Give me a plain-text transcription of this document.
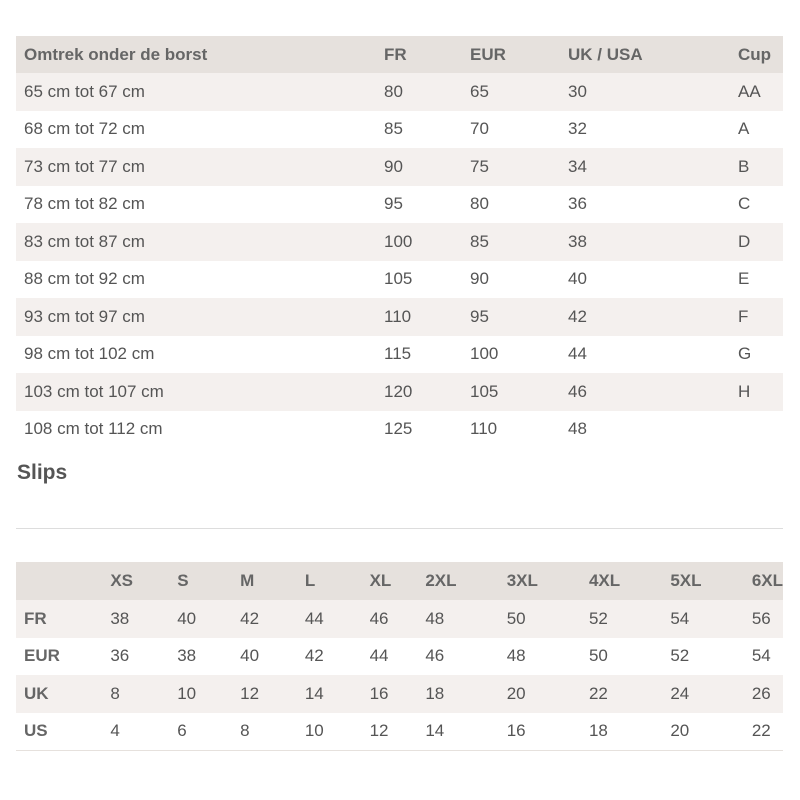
Omtrek onder de borst	FR	EUR	UK / USA	Cup
65 cm tot 67 cm	80	65	30	AA
68 cm tot 72 cm	85	70	32	A
73 cm tot 77 cm	90	75	34	B
78 cm tot 82 cm	95	80	36	C
83 cm tot 87 cm	100	85	38	D
88 cm tot 92 cm	105	90	40	E
93 cm tot 97 cm	110	95	42	F
98 cm tot 102 cm	115	100	44	G
103 cm tot 107 cm	120	105	46	H
108 cm tot 112 cm	125	110	48	
Slips
	XS	S	M	L	XL	2XL	3XL	4XL	5XL	6XL
FR	38	40	42	44	46	48	50	52	54	56
EUR	36	38	40	42	44	46	48	50	52	54
UK	8	10	12	14	16	18	20	22	24	26
US	4	6	8	10	12	14	16	18	20	22
